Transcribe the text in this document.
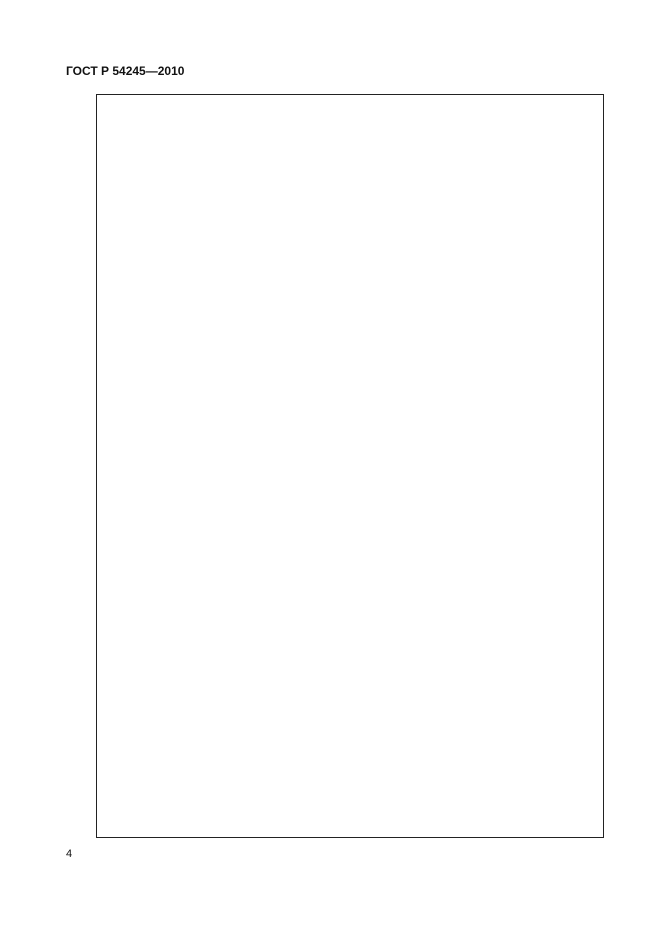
ГОСТ Р 54245—2010
4
